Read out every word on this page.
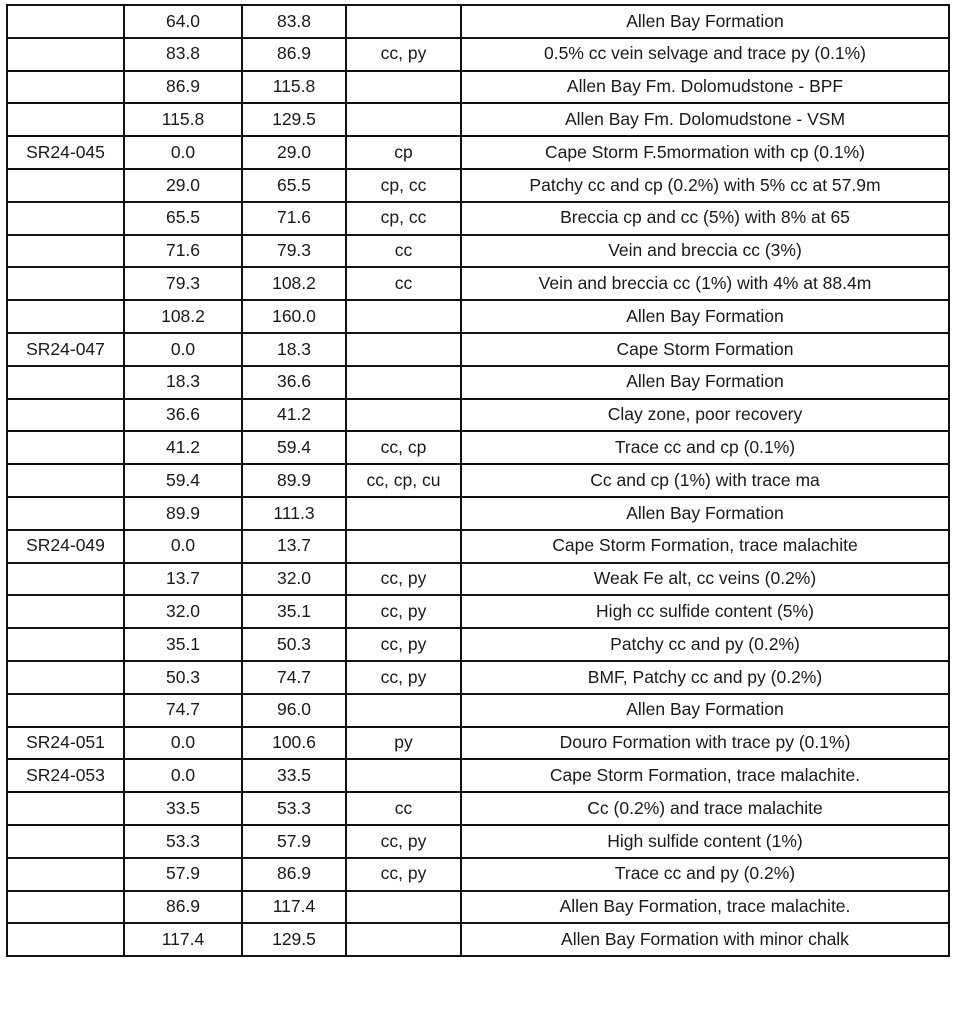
	64.0	83.8		Allen Bay Formation
	83.8	86.9	cc, py	0.5% cc vein selvage and trace py (0.1%)
	86.9	115.8		Allen Bay Fm. Dolomudstone - BPF
	115.8	129.5		Allen Bay Fm. Dolomudstone - VSM
SR24-045	0.0	29.0	cp	Cape Storm F.5mormation with cp (0.1%)
	29.0	65.5	cp, cc	Patchy cc and cp (0.2%) with 5% cc at 57.9m
	65.5	71.6	cp, cc	Breccia cp and cc (5%) with 8% at 65
	71.6	79.3	cc	Vein and breccia cc (3%)
	79.3	108.2	cc	Vein and breccia cc (1%) with 4% at 88.4m
	108.2	160.0		Allen Bay Formation
SR24-047	0.0	18.3		Cape Storm Formation
	18.3	36.6		Allen Bay Formation
	36.6	41.2		Clay zone, poor recovery
	41.2	59.4	cc, cp	Trace cc and cp (0.1%)
	59.4	89.9	cc, cp, cu	Cc and cp (1%) with trace ma
	89.9	111.3		Allen Bay Formation
SR24-049	0.0	13.7		Cape Storm Formation, trace malachite
	13.7	32.0	cc, py	Weak Fe alt, cc veins (0.2%)
	32.0	35.1	cc, py	High cc sulfide content (5%)
	35.1	50.3	cc, py	Patchy cc and py (0.2%)
	50.3	74.7	cc, py	BMF, Patchy cc and py (0.2%)
	74.7	96.0		Allen Bay Formation
SR24-051	0.0	100.6	py	Douro Formation with trace py (0.1%)
SR24-053	0.0	33.5		Cape Storm Formation, trace malachite.
	33.5	53.3	cc	Cc (0.2%) and trace malachite
	53.3	57.9	cc, py	High sulfide content (1%)
	57.9	86.9	cc, py	Trace cc and py (0.2%)
	86.9	117.4		Allen Bay Formation, trace malachite.
	117.4	129.5		Allen Bay Formation with minor chalk
